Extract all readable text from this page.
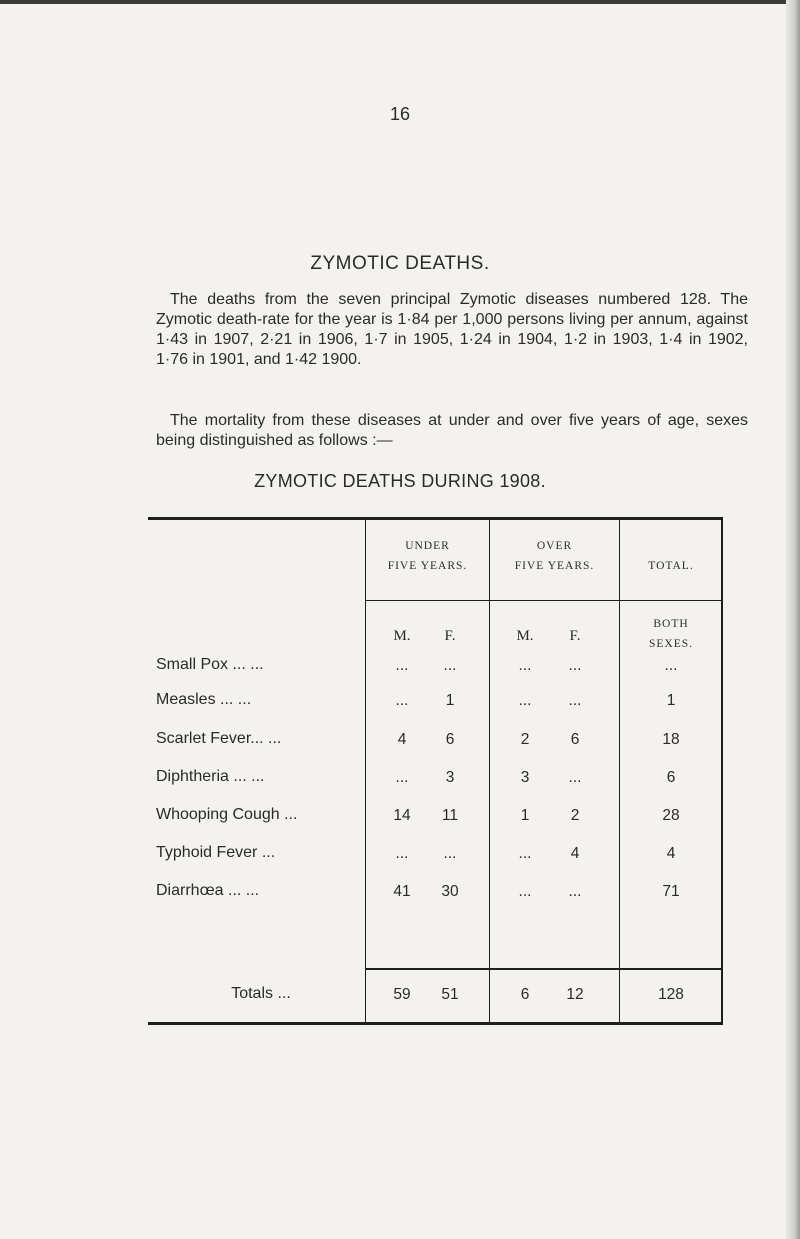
16
ZYMOTIC DEATHS.
The deaths from the seven principal Zymotic diseases numbered 128. The Zymotic death-rate for the year is 1·84 per 1,000 persons living per annum, against 1·43 in 1907, 2·21 in 1906, 1·7 in 1905, 1·24 in 1904, 1·2 in 1903, 1·4 in 1902, 1·76 in 1901, and 1·42 1900.
The mortality from these diseases at under and over five years of age, sexes being distinguished as follows :—
ZYMOTIC DEATHS DURING 1908.
UNDER
FIVE YEARS.
OVER
FIVE YEARS.	TOTAL.
M.	F.	M.	F.
BOTH
SEXES.
Small Pox ... ...	...	...	...	...	...
Measles ... ...	...	1	...	...	1
Scarlet Fever... ...	4	6	2	6	18
Diphtheria ... ...	...	3	3	...	6
Whooping Cough ...	14	11	1	2	28
Typhoid Fever ...	...	...	...	4	4
Diarrhœa ... ...	41	30	...	...	71
Totals ...	59	51	6	12	128
